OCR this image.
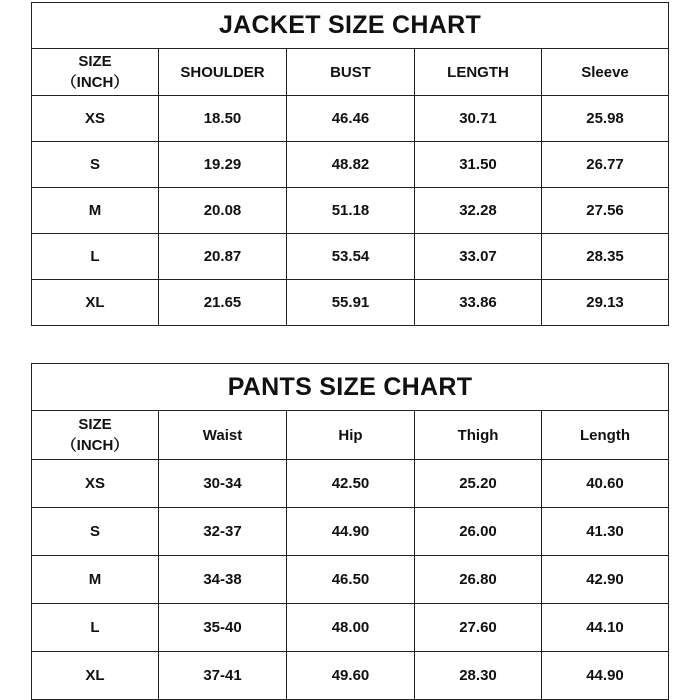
JACKET SIZE CHART				

SIZE
（INCH）	SHOULDER	BUST	LENGTH	Sleeve
XS	18.50	46.46	30.71	25.98
S	19.29	48.82	31.50	26.77
M	20.08	51.18	32.28	27.56
L	20.87	53.54	33.07	28.35
XL	21.65	55.91	33.86	29.13
PANTS SIZE CHART				

SIZE
（INCH）	Waist	Hip	Thigh	Length
XS	30-34	42.50	25.20	40.60
S	32-37	44.90	26.00	41.30
M	34-38	46.50	26.80	42.90
L	35-40	48.00	27.60	44.10
XL	37-41	49.60	28.30	44.90
